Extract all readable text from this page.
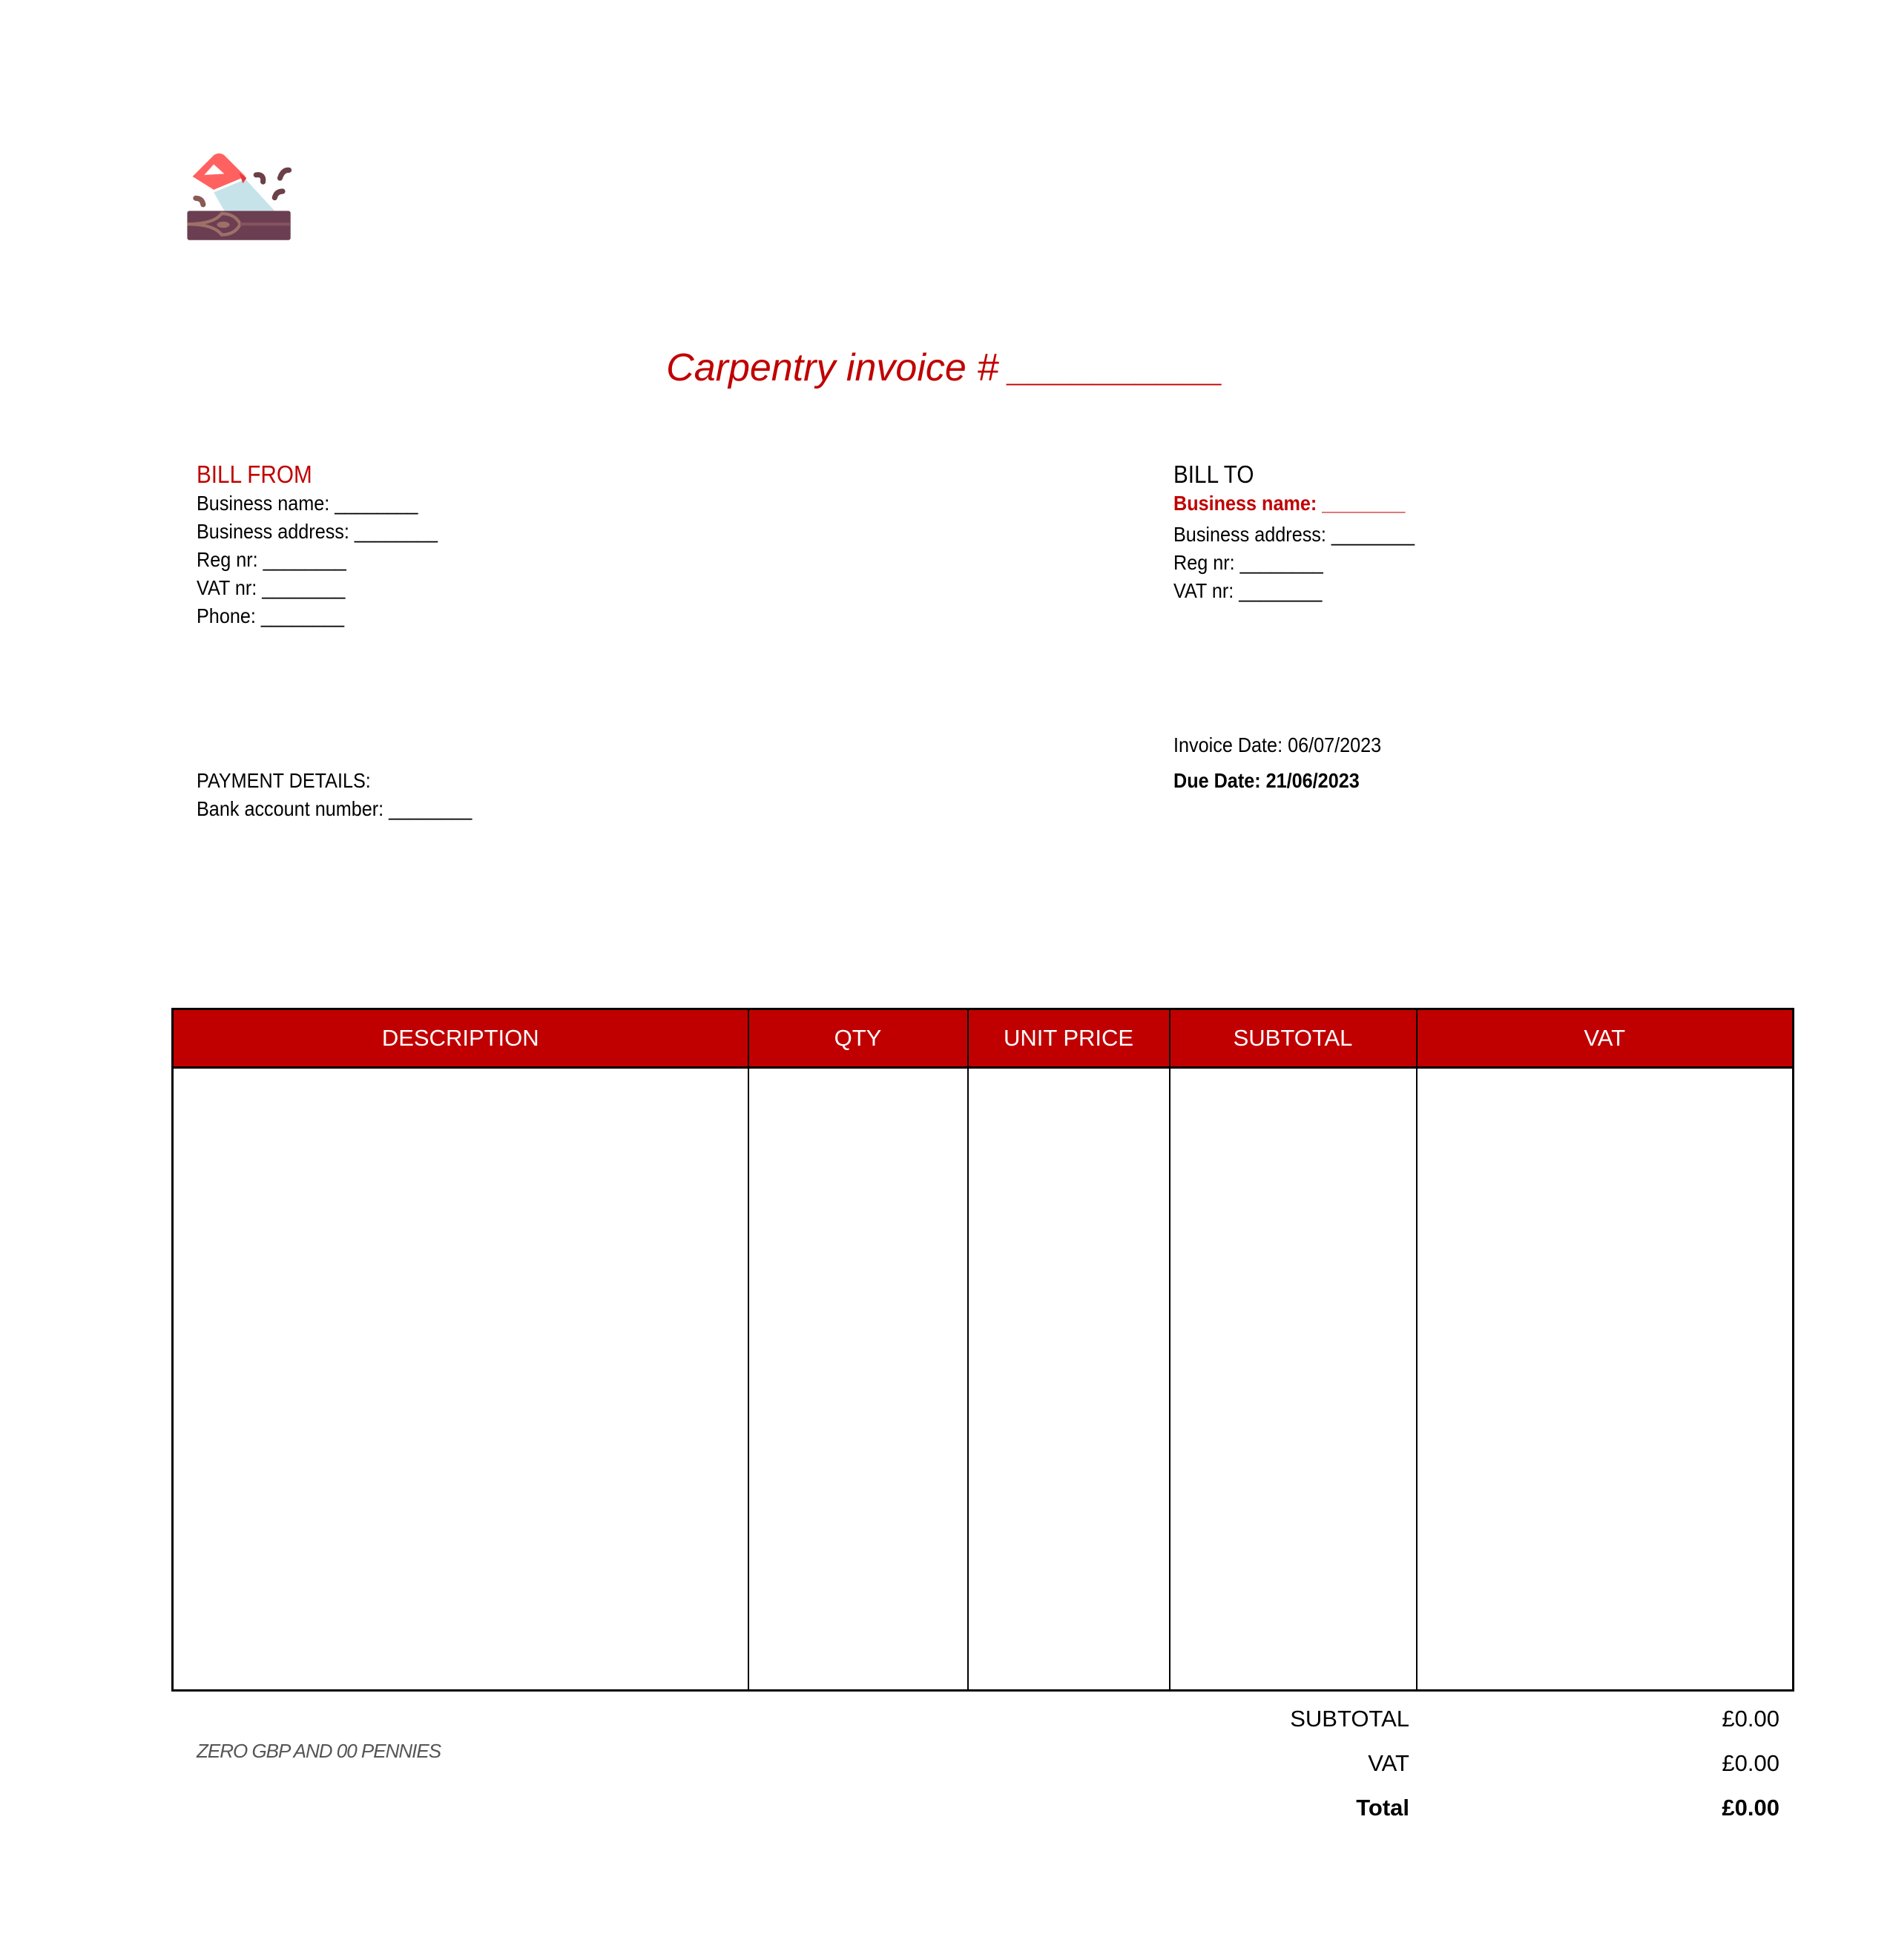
Carpentry invoice # __________
BILL FROM
Business name: ________
Business address: ________
Reg nr: ________
VAT nr: ________
Phone: ________
BILL TO
Business name: ________
Business address: ________
Reg nr: ________
VAT nr: ________
Invoice Date: 06/07/2023
Due Date: 21/06/2023
PAYMENT DETAILS:
Bank account number: ________
DESCRIPTION	QTY	UNIT PRICE	SUBTOTAL	VAT

ZERO GBP AND 00 PENNIES
SUBTOTAL	£0.00
VAT	£0.00
Total	£0.00
